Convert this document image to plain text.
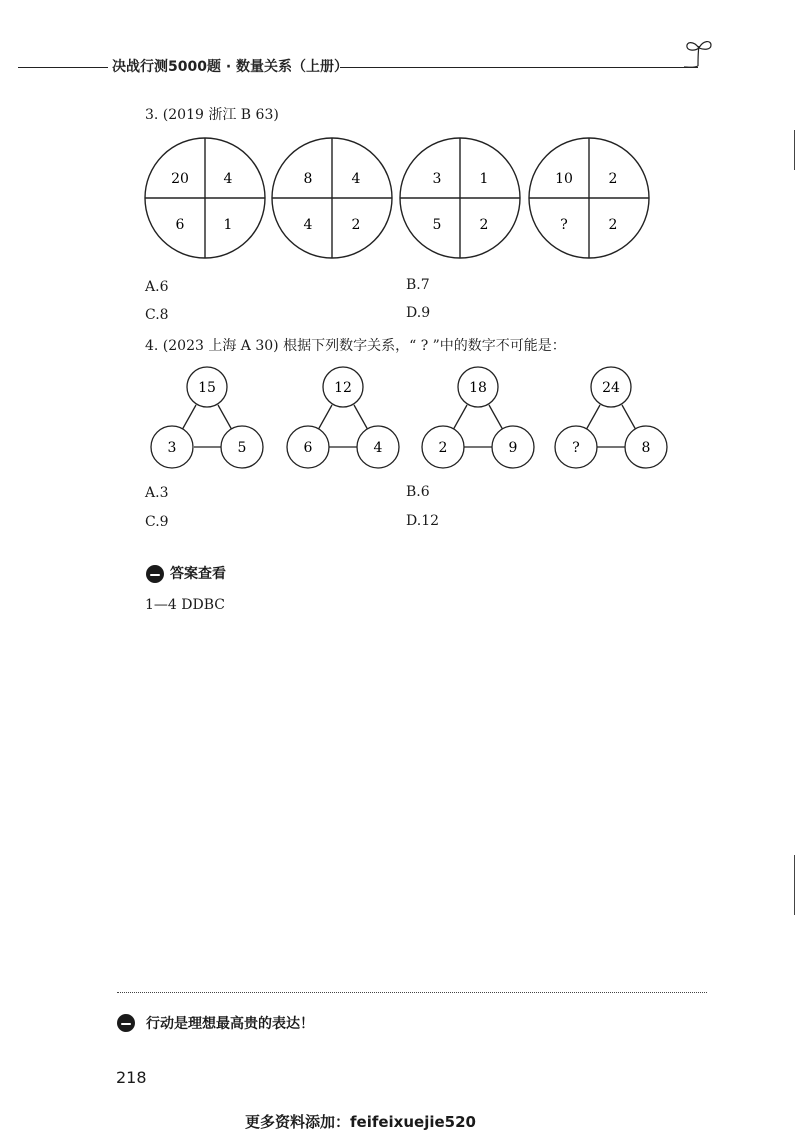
决战行测5000题 · 数量关系（上册）
3. (2019 浙江 B 63)
20 4
6	1
8	4
4	2
3	1
5	2
10	2
?	2
A.6	B.7
C.8	D.9
4. (2023 上海 A 30) 根据下列数字关系，“ ? ”中的数字不可能是：
15
3	5
12
6	4
18
2	9
24
?	8
A.3	B.6
C.9	D.12
答案查看
1—4 DDBC
行动是理想最高贵的表达！
218
更多资料添加：feifeixuejie520
